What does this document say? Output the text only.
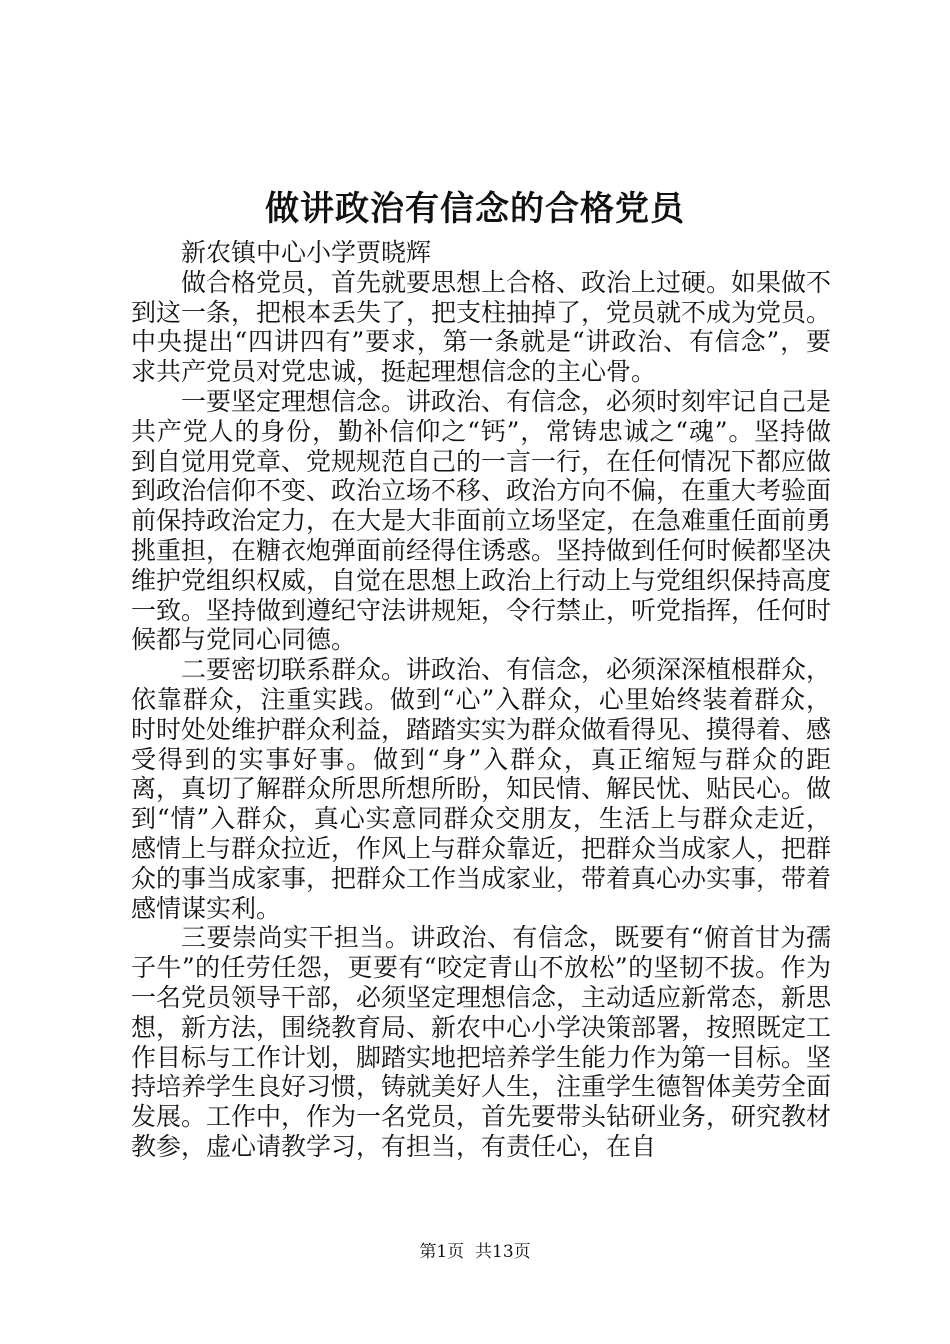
做讲政治有信念的合格党员

新农镇中心小学贾晓辉

做合格党员，首先就要思想上合格、政治上过硬。如果做不到这一条，把根本丢失了，把支柱抽掉了，党员就不成为党员。中央提出“四讲四有”要求，第一条就是“讲政治、有信念”，要求共产党员对党忠诚，挺起理想信念的主心骨。

一要坚定理想信念。讲政治、有信念，必须时刻牢记自己是共产党人的身份，勤补信仰之“钙”，常铸忠诚之“魂”。坚持做到自觉用党章、党规规范自己的一言一行，在任何情况下都应做到政治信仰不变、政治立场不移、政治方向不偏，在重大考验面前保持政治定力，在大是大非面前立场坚定，在急难重任面前勇挑重担，在糖衣炮弹面前经得住诱惑。坚持做到任何时候都坚决维护党组织权威，自觉在思想上政治上行动上与党组织保持高度一致。坚持做到遵纪守法讲规矩，令行禁止，听党指挥，任何时候都与党同心同德。

二要密切联系群众。讲政治、有信念，必须深深植根群众，依靠群众，注重实践。做到“心”入群众，心里始终装着群众，时时处处维护群众利益，踏踏实实为群众做看得见、摸得着、感受得到的实事好事。做到“身”入群众，真正缩短与群众的距离，真切了解群众所思所想所盼，知民情、解民忧、贴民心。做到“情”入群众，真心实意同群众交朋友，生活上与群众走近，感情上与群众拉近，作风上与群众靠近，把群众当成家人，把群众的事当成家事，把群众工作当成家业，带着真心办实事，带着感情谋实利。

三要崇尚实干担当。讲政治、有信念，既要有“俯首甘为孺子牛”的任劳任怨，更要有“咬定青山不放松”的坚韧不拔。作为一名党员领导干部，必须坚定理想信念，主动适应新常态，新思想，新方法，围绕教育局、新农中心小学决策部署，按照既定工作目标与工作计划，脚踏实地把培养学生能力作为第一目标。坚持培养学生良好习惯，铸就美好人生，注重学生德智体美劳全面发展。工作中，作为一名党员，首先要带头钻研业务，研究教材教参，虚心请教学习，有担当，有责任心，在自

第1页 共13页
